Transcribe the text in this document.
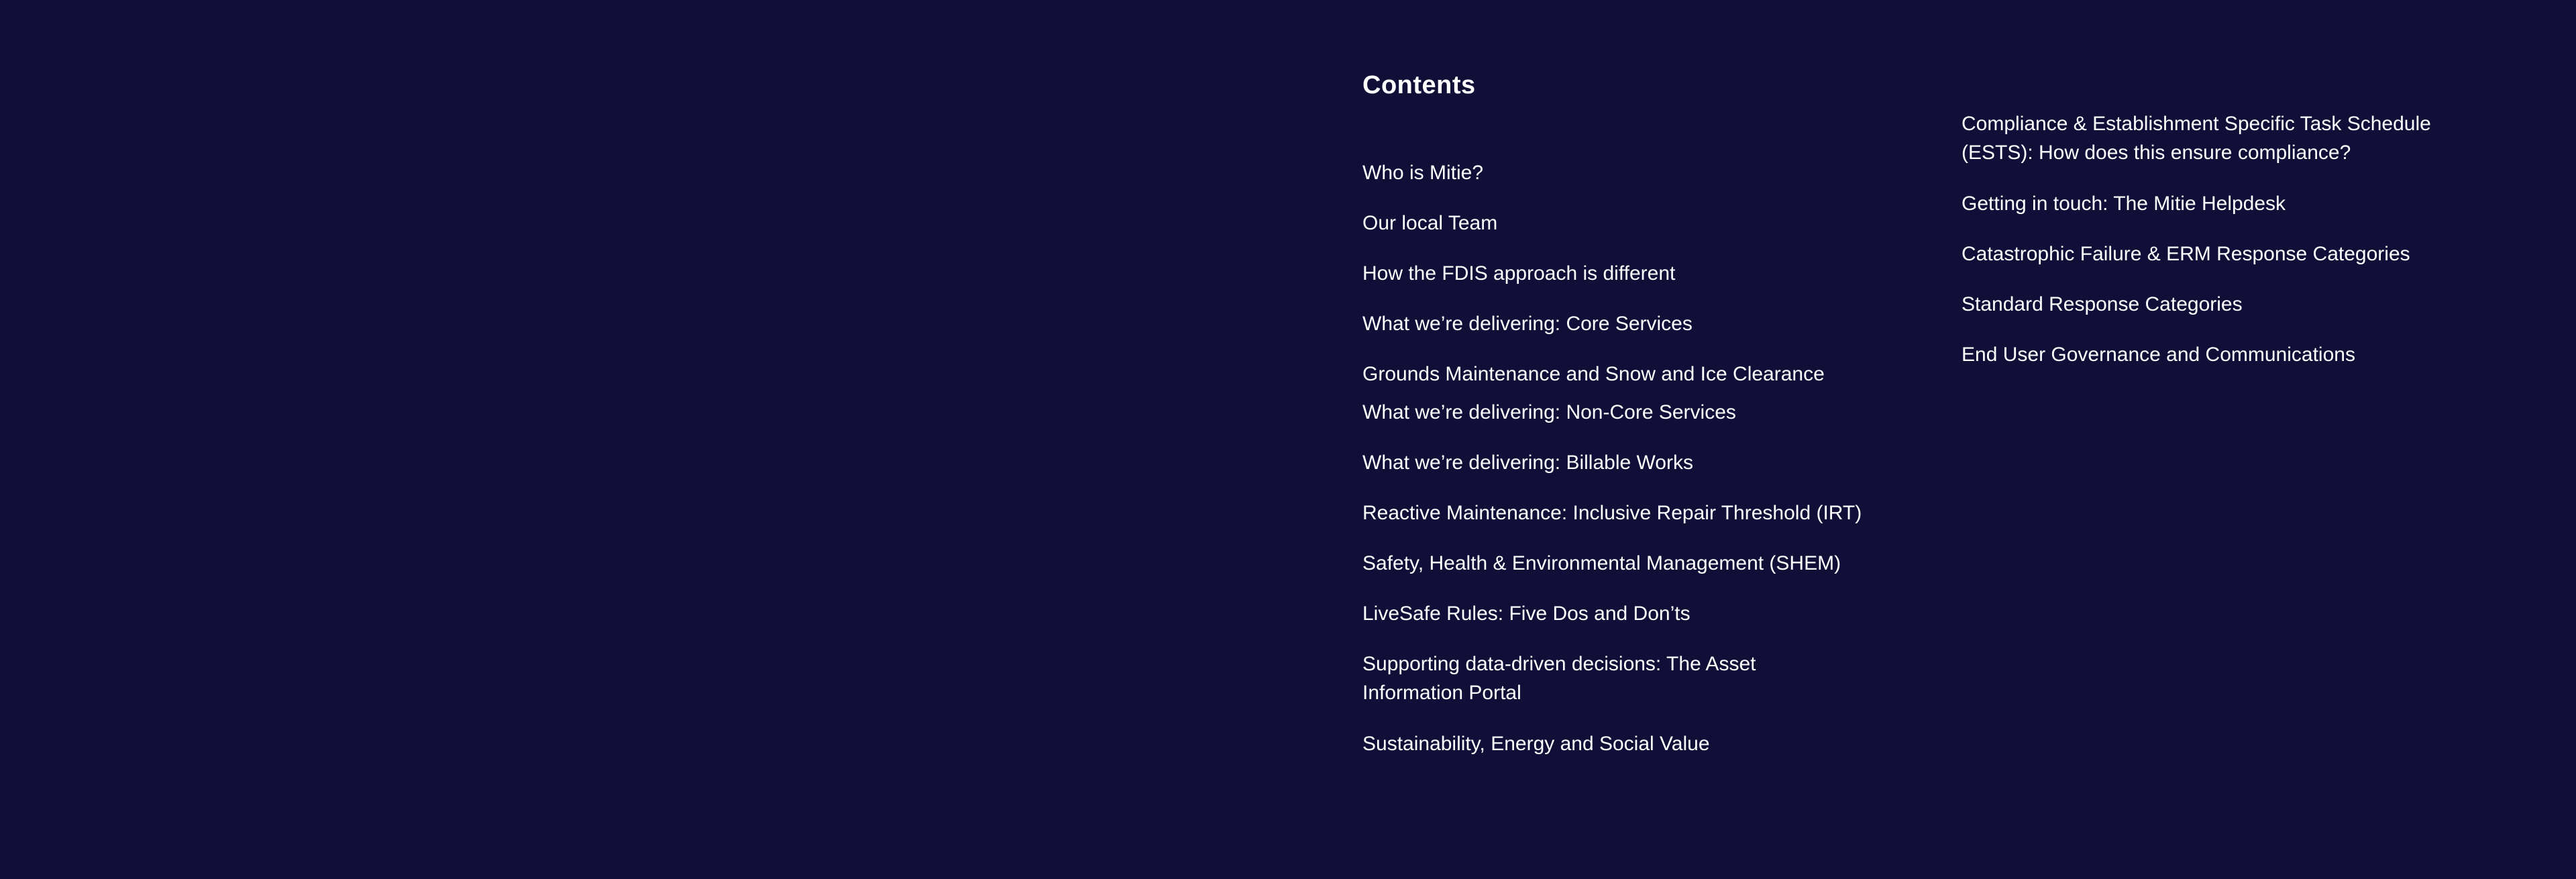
Contents
Who is Mitie?
Our local Team
How the FDIS approach is different
What we’re delivering: Core Services
Grounds Maintenance and Snow and Ice Clearance
What we’re delivering: Non-Core Services
What we’re delivering: Billable Works
Reactive Maintenance: Inclusive Repair Threshold (IRT)
Safety, Health & Environmental Management (SHEM)
LiveSafe Rules: Five Dos and Don’ts
Supporting data-driven decisions: The Asset Information Portal
Sustainability, Energy and Social Value
Compliance & Establishment Specific Task Schedule (ESTS): How does this ensure compliance?
Getting in touch: The Mitie Helpdesk
Catastrophic Failure & ERM Response Categories
Standard Response Categories
End User Governance and Communications
